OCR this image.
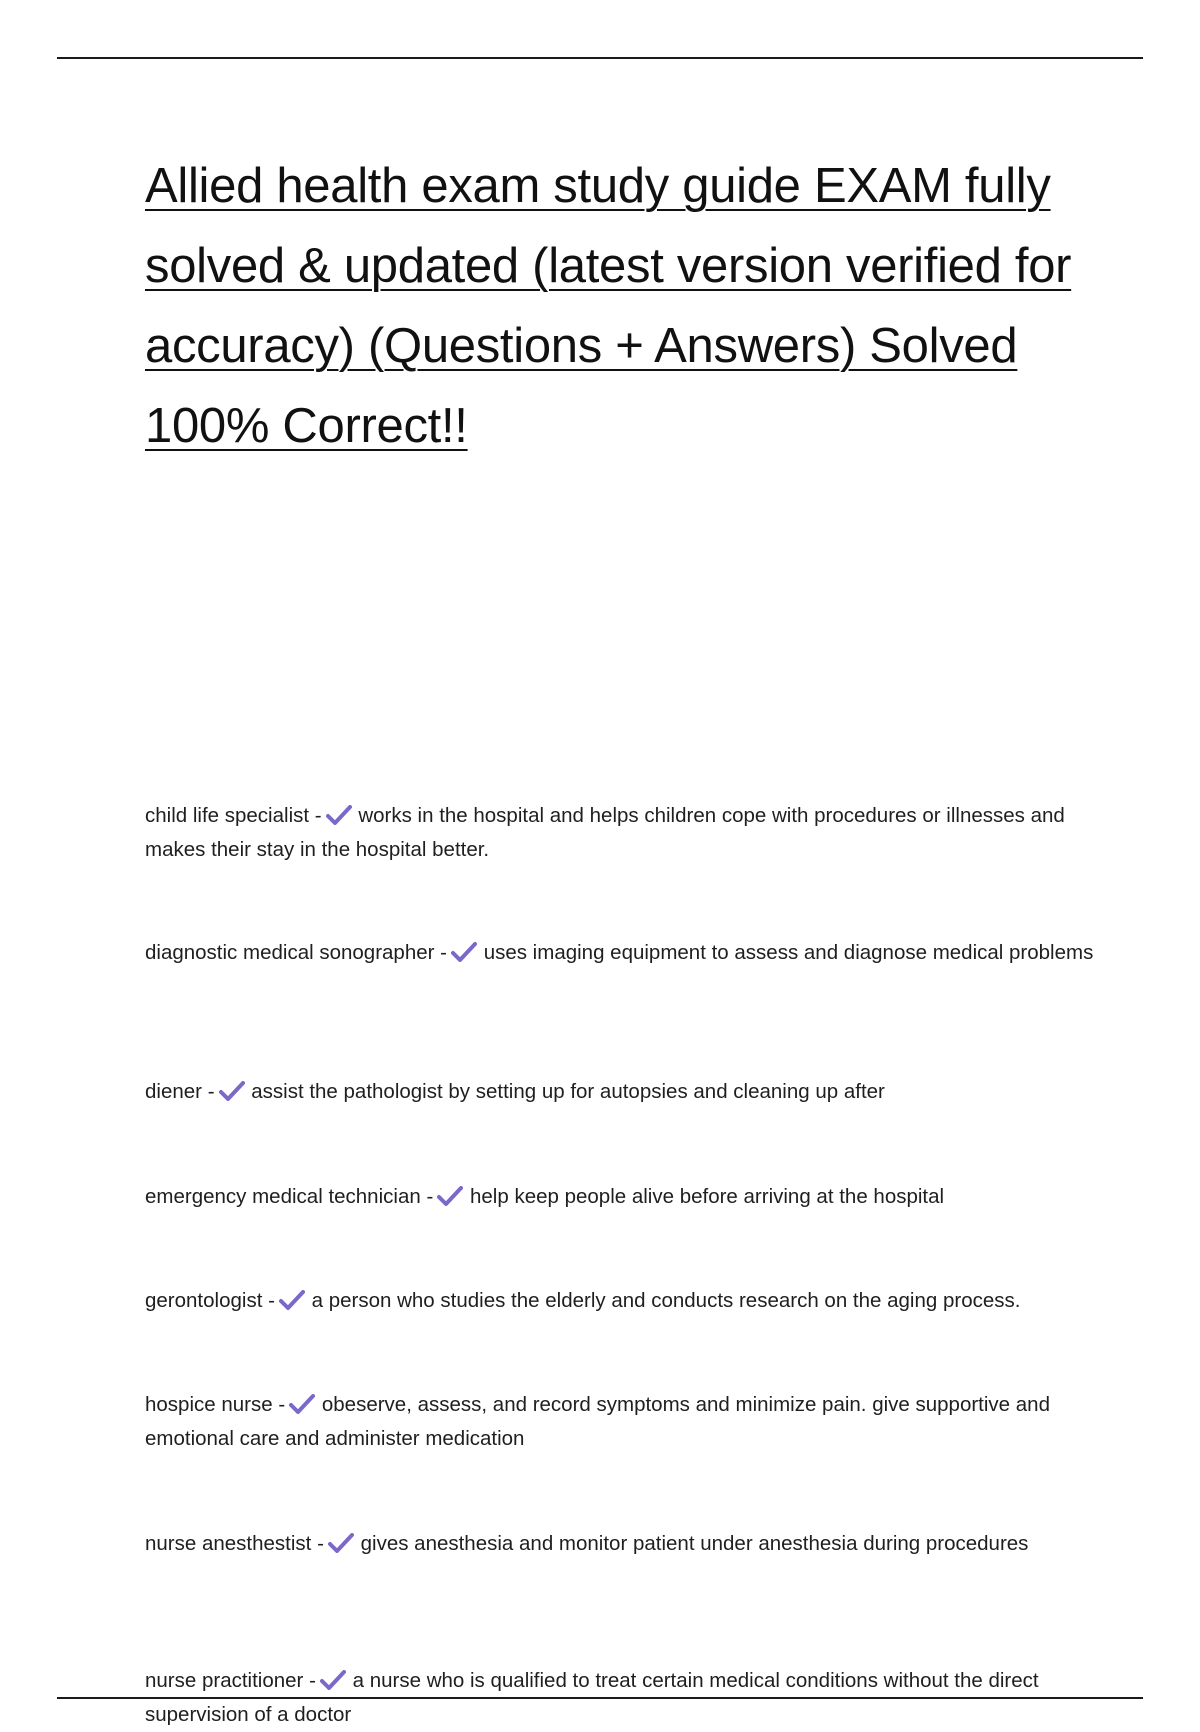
Allied health exam study guide EXAM fully solved & updated (latest version verified for accuracy) (Questions + Answers) Solved 100% Correct!!
child life specialist - works in the hospital and helps children cope with procedures or illnesses and makes their stay in the hospital better.
diagnostic medical sonographer - uses imaging equipment to assess and diagnose medical problems
diener - assist the pathologist by setting up for autopsies and cleaning up after
emergency medical technician - help keep people alive before arriving at the hospital
gerontologist - a person who studies the elderly and conducts research on the aging process.
hospice nurse - obeserve, assess, and record symptoms and minimize pain. give supportive and emotional care and administer medication
nurse anesthestist - gives anesthesia and monitor patient under anesthesia during procedures
nurse practitioner - a nurse who is qualified to treat certain medical conditions without the direct supervision of a doctor
